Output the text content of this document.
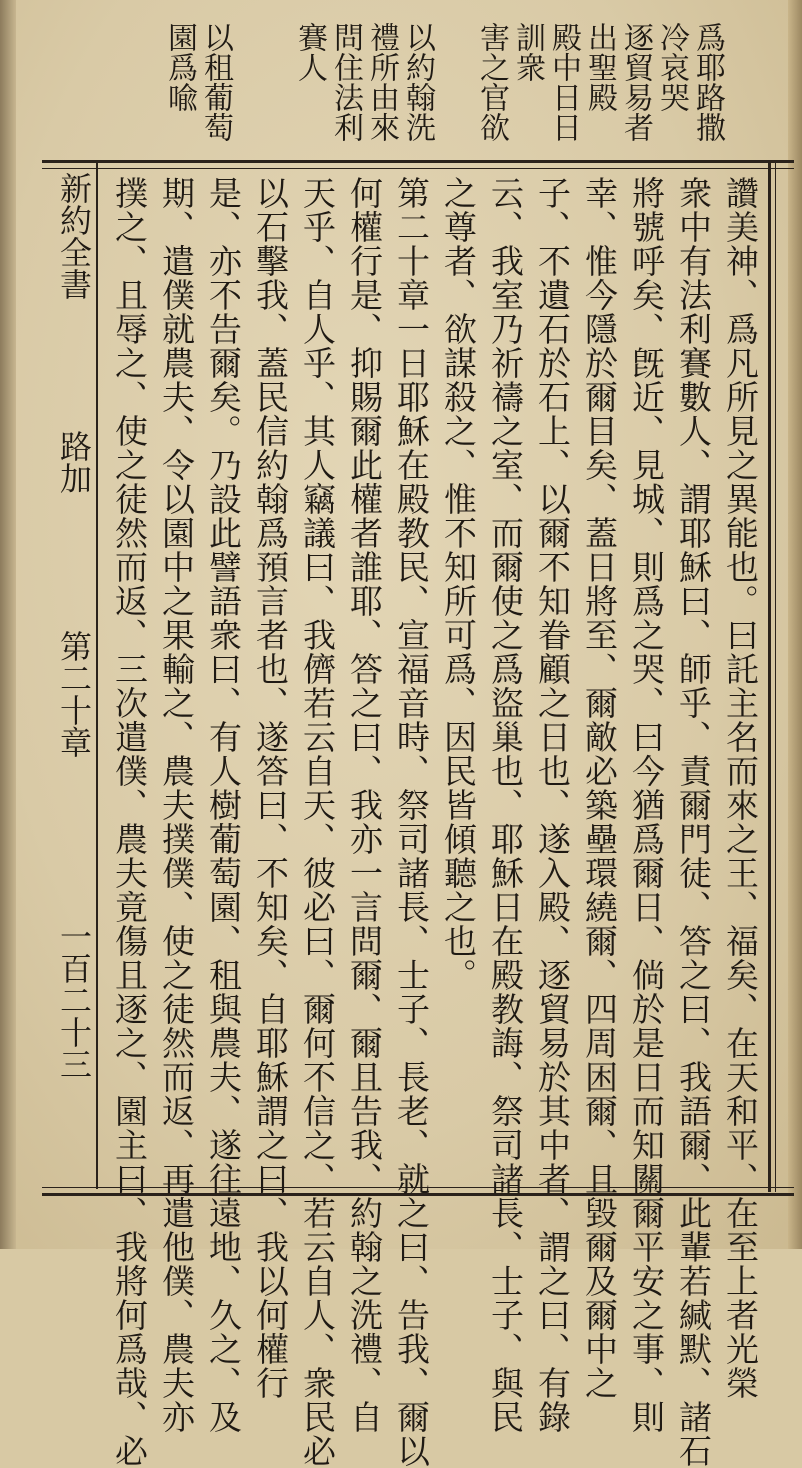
爲耶路撒
冷哀哭
逐貿易者
出聖殿
殿中日日
訓衆
害之官欲
以約翰洗
禮所由來
問住法利
賽人
以租葡萄
園爲喩
新約全書
路加
第二十章
一百二十三	讚美神、爲凡所見之異能也。曰託主名而來之王、福矣、在天和平、在至上者光榮
衆中有法利賽數人、謂耶穌曰、師乎、責爾門徒、答之曰、我語爾、此輩若緘默、諸石
將號呼矣、旣近、見城、則爲之哭、曰今猶爲爾日、倘於是日而知關爾平安之事、則
幸、惟今隱於爾目矣、蓋日將至、爾敵必築壘環繞爾、四周困爾、且毀爾及爾中之
子、不遺石於石上、以爾不知眷顧之日也、遂入殿、逐貿易於其中者、謂之曰、有錄
云、我室乃祈禱之室、而爾使之爲盜巢也、耶穌日在殿教誨、祭司諸長、士子、與民
之尊者、欲謀殺之、惟不知所可爲、因民皆傾聽之也。
第二十章一日耶穌在殿教民、宣福音時、祭司諸長、士子、長老、就之曰、告我、爾以
何權行是、抑賜爾此權者誰耶、答之曰、我亦一言問爾、爾且告我、約翰之洗禮、自
天乎、自人乎、其人竊議曰、我儕若云自天、彼必曰、爾何不信之、若云自人、衆民必
以石擊我、蓋民信約翰爲預言者也、遂答曰、不知矣、自耶穌謂之曰、我以何權行
是、亦不告爾矣。乃設此譬語衆曰、有人樹葡萄園、租與農夫、遂往遠地、久之、及
期、遣僕就農夫、令以園中之果輸之、農夫撲僕、使之徒然而返、再遣他僕、農夫亦
撲之、且辱之、使之徒然而返、三次遣僕、農夫竟傷且逐之、園主曰、我將何爲哉、必
